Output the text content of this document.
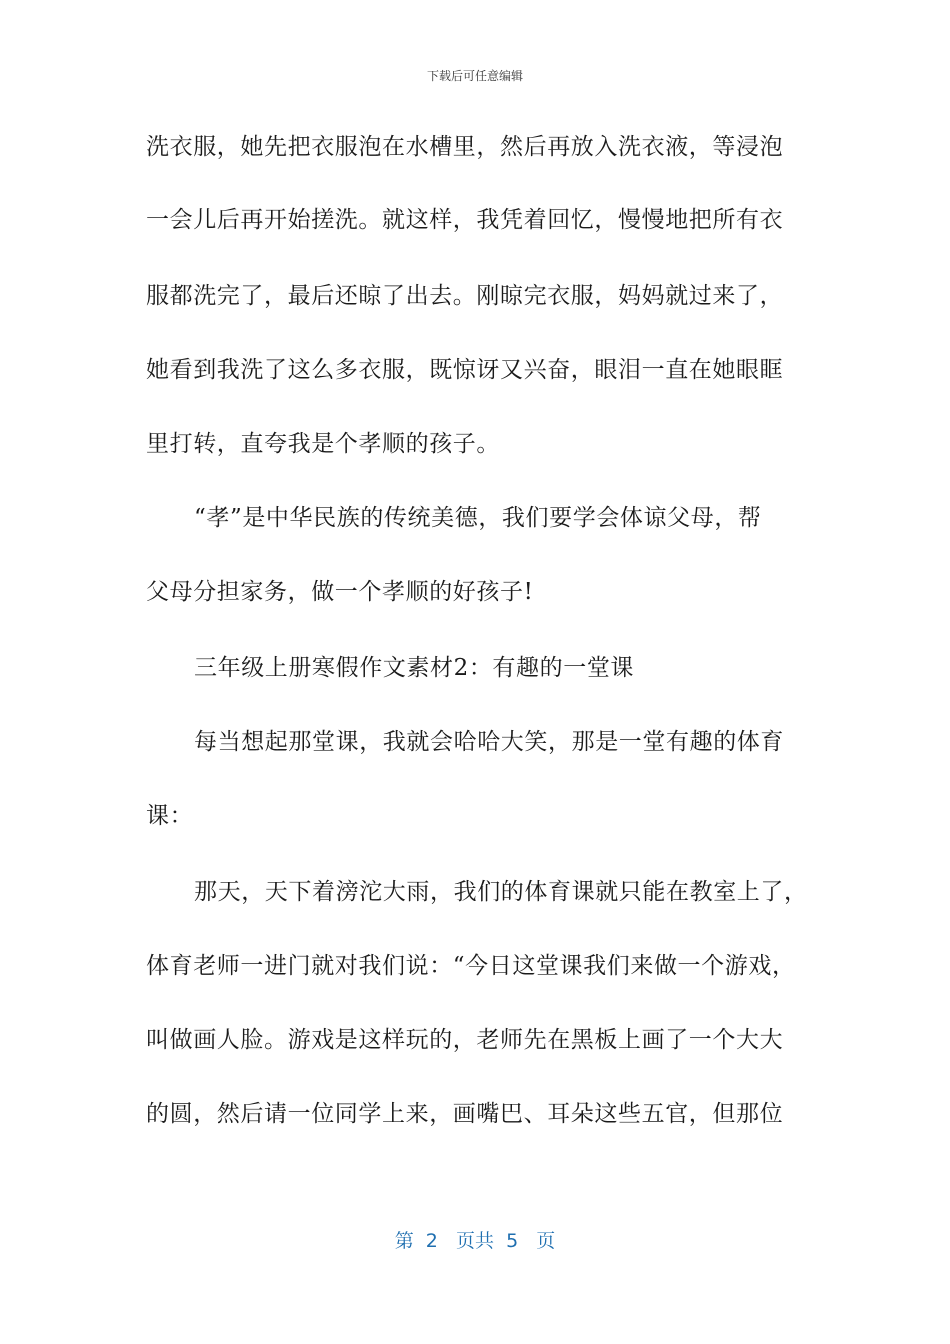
下载后可任意编辑
洗衣服，她先把衣服泡在水槽里，然后再放入洗衣液，等浸泡
一会儿后再开始搓洗。就这样，我凭着回忆，慢慢地把所有衣
服都洗完了，最后还晾了出去。刚晾完衣服，妈妈就过来了，
她看到我洗了这么多衣服，既惊讶又兴奋，眼泪一直在她眼眶
里打转，直夸我是个孝顺的孩子。
“孝”是中华民族的传统美德，我们要学会体谅父母，帮
父母分担家务，做一个孝顺的好孩子!
三年级上册寒假作文素材2：有趣的一堂课
每当想起那堂课，我就会哈哈大笑，那是一堂有趣的体育
课：
那天，天下着滂沱大雨，我们的体育课就只能在教室上了，
体育老师一进门就对我们说：“今日这堂课我们来做一个游戏，
叫做画人脸。游戏是这样玩的，老师先在黑板上画了一个大大
的圆，然后请一位同学上来，画嘴巴、耳朵这些五官，但那位
第  2   页共  5   页
